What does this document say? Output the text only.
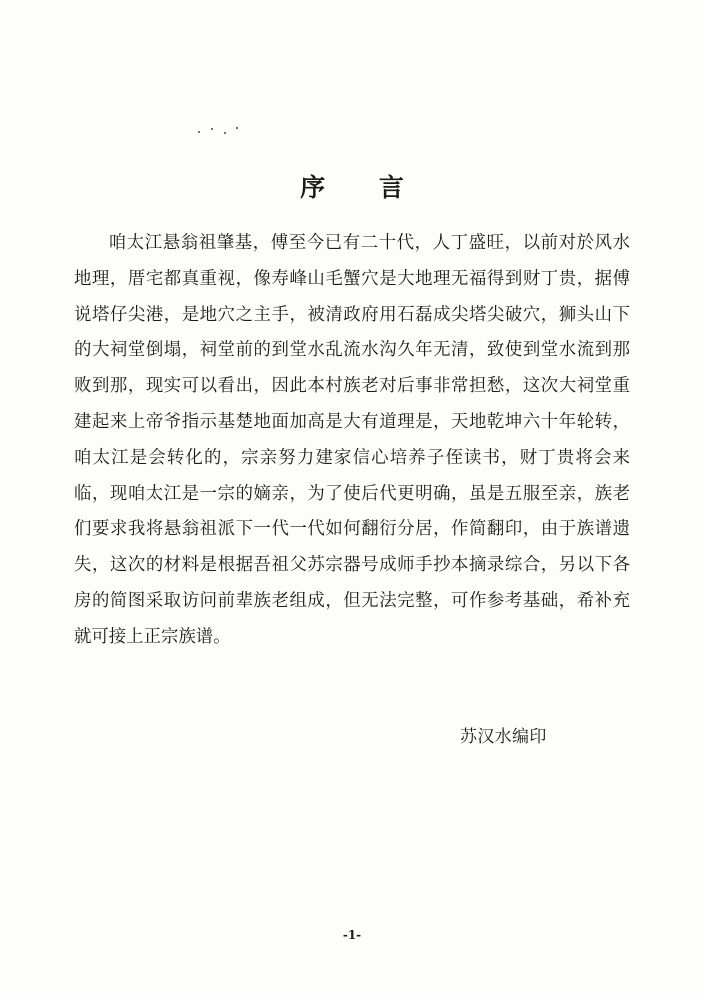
序 言

咱太江悬翁祖肇基，傅至今已有二十代，人丁盛旺，以前对於风水地理，厝宅都真重视，像寿峰山毛蟹穴是大地理无福得到财丁贵，据傅说塔仔尖港，是地穴之主手，被清政府用石磊成尖塔尖破穴，狮头山下的大祠堂倒塌，祠堂前的到堂水乱流水沟久年无清，致使到堂水流到那败到那，现实可以看出，因此本村族老对后事非常担愁，这次大祠堂重建起来上帝爷指示基楚地面加高是大有道理是，天地乾坤六十年轮转，咱太江是会转化的，宗亲努力建家信心培养子侄读书，财丁贵将会来临，现咱太江是一宗的嫡亲，为了使后代更明确，虽是五服至亲，族老们要求我将悬翁祖派下一代一代如何翻衍分居，作简翻印，由于族谱遗失，这次的材料是根据吾祖父苏宗器号成师手抄本摘录综合，另以下各房的简图采取访问前辈族老组成，但无法完整，可作参考基础，希补充就可接上正宗族谱。

苏汉水编印
-1-
